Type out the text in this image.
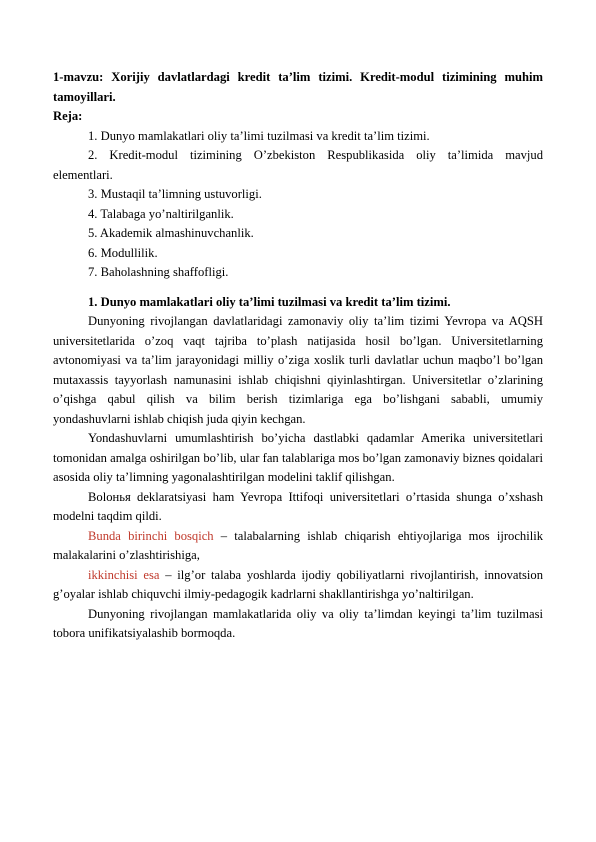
1-mavzu: Xorijiy davlatlardagi kredit ta’lim tizimi. Kredit-modul tizimining muhim tamoyillari.

Reja:

1. Dunyo mamlakatlari oliy ta’limi tuzilmasi va kredit ta’lim tizimi.
2. Kredit-modul tizimining O’zbekiston Respublikasida oliy ta’limida mavjud elementlari.
3. Mustaqil ta’limning ustuvorligi.
4. Talabaga yo’naltirilganlik.
5. Akademik almashinuvchanlik.
6. Modullilik.
7. Baholashning shaffofligi.

1. Dunyo mamlakatlari oliy ta’limi tuzilmasi va kredit ta’lim tizimi.

Dunyoning rivojlangan davlatlaridagi zamonaviy oliy ta’lim tizimi Yevropa va AQSH universitetlarida o’zoq vaqt tajriba to’plash natijasida hosil bo’lgan. Universitetlarning avtonomiyasi va ta’lim jarayonidagi milliy o’ziga xoslik turli davlatlar uchun maqbo’l bo’lgan mutaxassis tayyorlash namunasini ishlab chiqishni qiyinlashtirgan. Universitetlar o’zlarining o’qishga qabul qilish va bilim berish tizimlariga ega bo’lishgani sababli, umumiy yondashuvlarni ishlab chiqish juda qiyin kechgan.

Yondashuvlarni umumlashtirish bo’yicha dastlabki qadamlar Amerika universitetlari tomonidan amalga oshirilgan bo’lib, ular fan talablariga mos bo’lgan zamonaviy biznes qoidalari asosida oliy ta’limning yagonalashtirilgan modelini taklif qilishgan.

Boloнья deklaratsiyasi ham Yevropa Ittifoqi universitetlari o’rtasida shunga o’xshash modelni taqdim qildi.

Bunda birinchi bosqich – talabalarning ishlab chiqarish ehtiyojlariga mos ijrochilik malakalarini o’zlashtirishiga,

ikkinchisi esa – ilg’or talaba yoshlarda ijodiy qobiliyatlarni rivojlantirish, innovatsion g’oyalar ishlab chiquvchi ilmiy-pedagogik kadrlarni shakllantirishga yo’naltirilgan.

Dunyoning rivojlangan mamlakatlarida oliy va oliy ta’limdan keyingi ta’lim tuzilmasi tobora unifikatsiyalashib bormoqda.
